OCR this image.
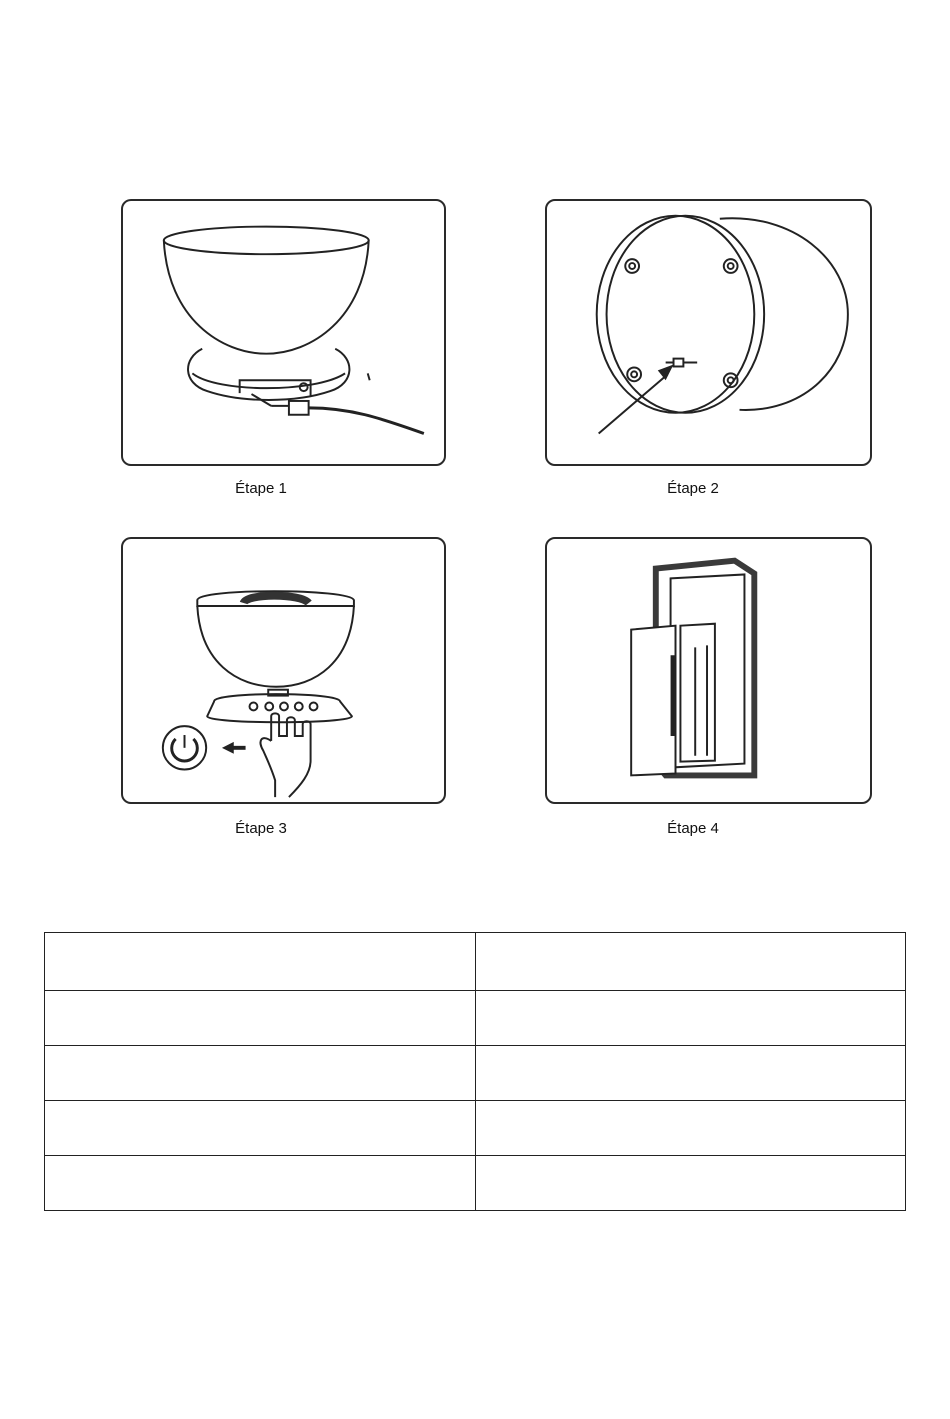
Étape 1	Étape 2
Étape 3	Étape 4
